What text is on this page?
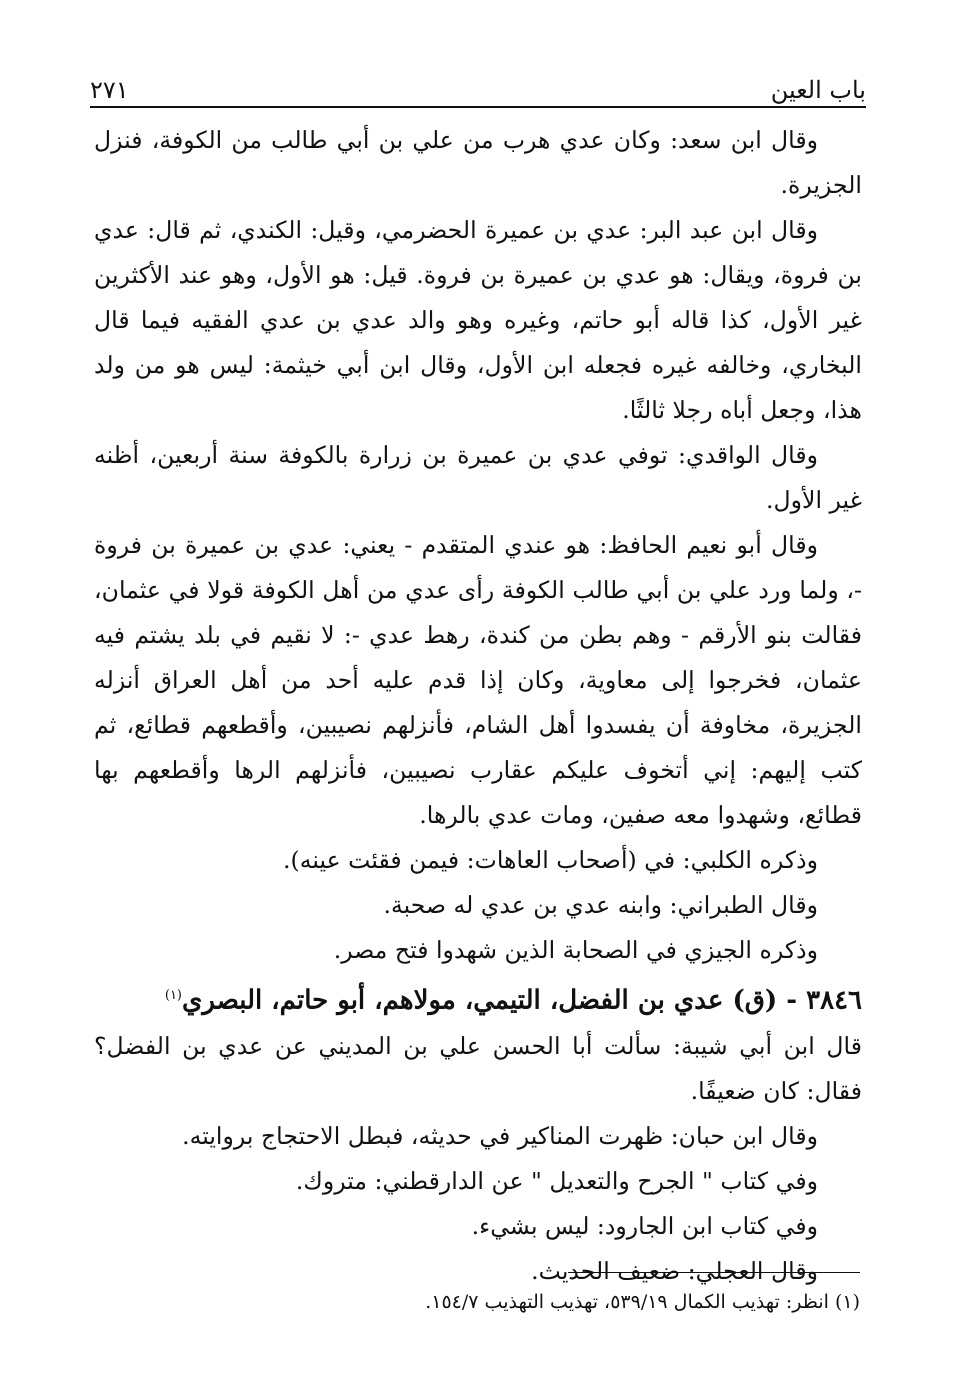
باب العين
٢٧١

وقال ابن سعد: وكان عدي هرب من علي بن أبي طالب من الكوفة، فنزل الجزيرة.

وقال ابن عبد البر: عدي بن عميرة الحضرمي، وقيل: الكندي، ثم قال: عدي بن فروة، ويقال: هو عدي بن عميرة بن فروة. قيل: هو الأول، وهو عند الأكثرين غير الأول، كذا قاله أبو حاتم، وغيره وهو والد عدي بن عدي الفقيه فيما قال البخاري، وخالفه غيره فجعله ابن الأول، وقال ابن أبي خيثمة: ليس هو من ولد هذا، وجعل أباه رجلا ثالثًا.

وقال الواقدي: توفي عدي بن عميرة بن زرارة بالكوفة سنة أربعين، أظنه غير الأول.

وقال أبو نعيم الحافظ: هو عندي المتقدم - يعني: عدي بن عميرة بن فروة -، ولما ورد علي بن أبي طالب الكوفة رأى عدي من أهل الكوفة قولا في عثمان، فقالت بنو الأرقم - وهم بطن من كندة، رهط عدي -: لا نقيم في بلد يشتم فيه عثمان، فخرجوا إلى معاوية، وكان إذا قدم عليه أحد من أهل العراق أنزله الجزيرة، مخاوفة أن يفسدوا أهل الشام، فأنزلهم نصيبين، وأقطعهم قطائع، ثم كتب إليهم: إني أتخوف عليكم عقارب نصيبين، فأنزلهم الرها وأقطعهم بها قطائع، وشهدوا معه صفين، ومات عدي بالرها.

وذكره الكلبي: في (أصحاب العاهات: فيمن فقئت عينه).

وقال الطبراني: وابنه عدي بن عدي له صحبة.

وذكره الجيزي في الصحابة الذين شهدوا فتح مصر.

٣٨٤٦ - (ق) عدي بن الفضل، التيمي، مولاهم، أبو حاتم، البصري$^{(١)}$

قال ابن أبي شيبة: سألت أبا الحسن علي بن المديني عن عدي بن الفضل؟ فقال: كان ضعيفًا.

وقال ابن حبان: ظهرت المناكير في حديثه، فبطل الاحتجاج بروايته.

وفي كتاب " الجرح والتعديل " عن الدارقطني: متروك.

وفي كتاب ابن الجارود: ليس بشيء.

وقال العجلي: ضعيف الحديث.

(١) انظر: تهذيب الكمال ٥٣٩/١٩، تهذيب التهذيب ١٥٤/٧.
